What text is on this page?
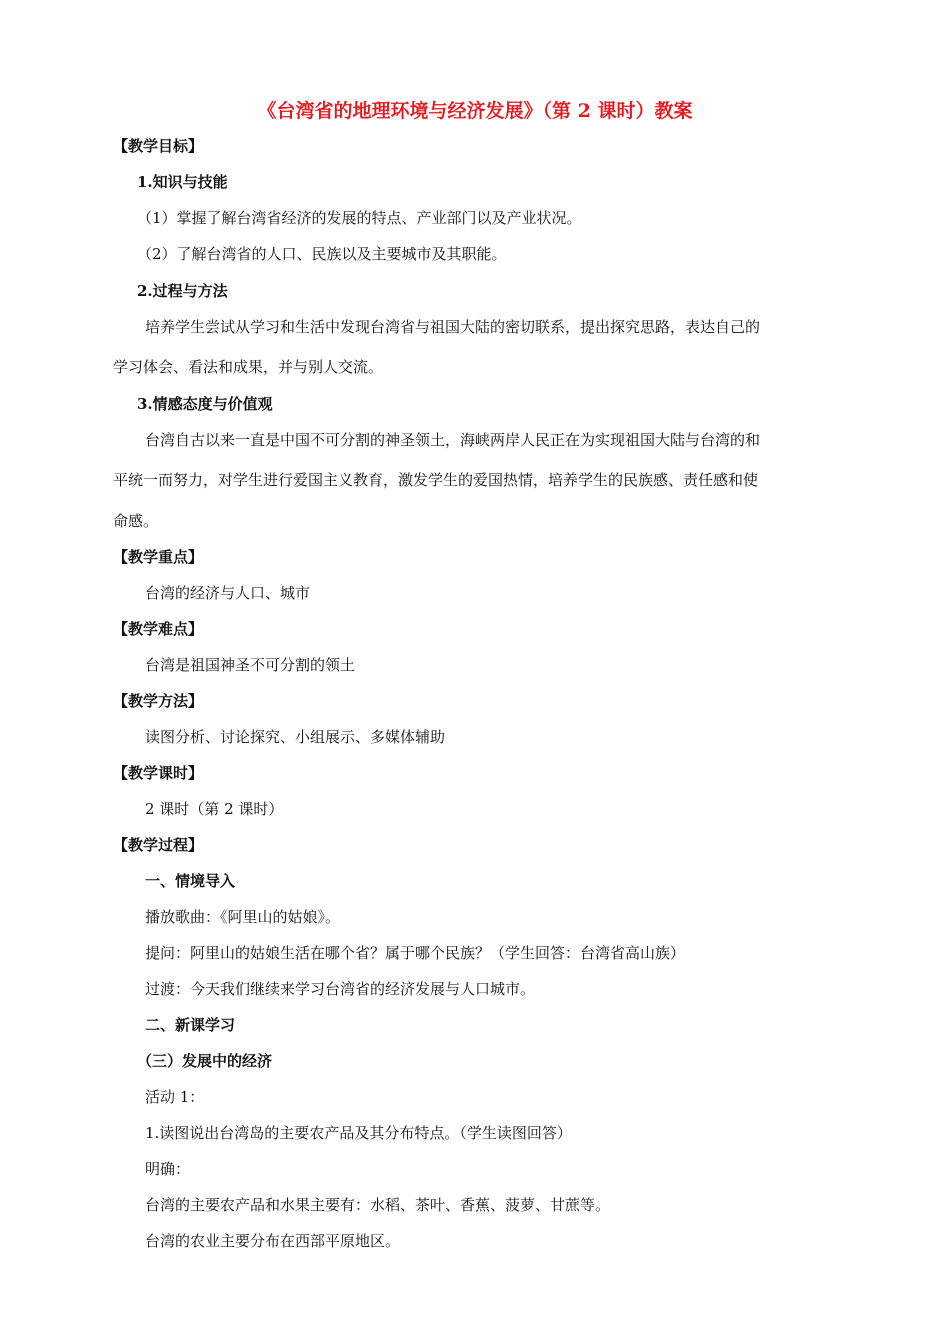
《台湾省的地理环境与经济发展》（第 2 课时）教案
【教学目标】
1.知识与技能
（1）掌握了解台湾省经济的发展的特点、产业部门以及产业状况。
（2）了解台湾省的人口、民族以及主要城市及其职能。
2.过程与方法
培养学生尝试从学习和生活中发现台湾省与祖国大陆的密切联系，提出探究思路，表达自己的
学习体会、看法和成果，并与别人交流。
3.情感态度与价值观
台湾自古以来一直是中国不可分割的神圣领土，海峡两岸人民正在为实现祖国大陆与台湾的和
平统一而努力，对学生进行爱国主义教育，激发学生的爱国热情，培养学生的民族感、责任感和使
命感。
【教学重点】
台湾的经济与人口、城市
【教学难点】
台湾是祖国神圣不可分割的领土
【教学方法】
读图分析、讨论探究、小组展示、多媒体辅助
【教学课时】
2 课时（第 2 课时）
【教学过程】
一、情境导入
播放歌曲：《阿里山的姑娘》。
提问：阿里山的姑娘生活在哪个省？属于哪个民族？（学生回答：台湾省高山族）
过渡：今天我们继续来学习台湾省的经济发展与人口城市。
二、新课学习
（三）发展中的经济
活动 1：
1.读图说出台湾岛的主要农产品及其分布特点。（学生读图回答）
明确：
台湾的主要农产品和水果主要有：水稻、茶叶、香蕉、菠萝、甘蔗等。
台湾的农业主要分布在西部平原地区。
